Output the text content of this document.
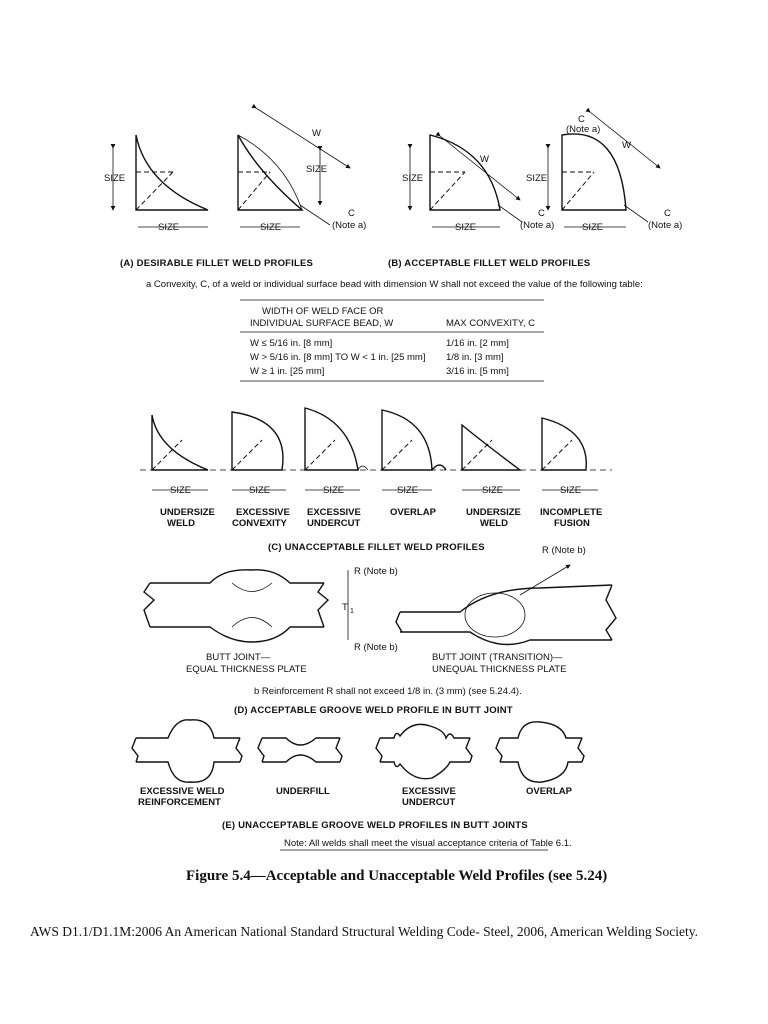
SIZE
SIZE
W
SIZE
SIZE
C
(Note a)
(A) DESIRABLE FILLET WELD PROFILES
SIZE
W
SIZE
C
(Note a)
SIZE
W
C
(Note a)
SIZE
C
(Note a)
(B) ACCEPTABLE FILLET WELD PROFILES
a Convexity, C, of a weld or individual surface bead with dimension W shall not exceed the value of the following table:
WIDTH OF WELD FACE OR
INDIVIDUAL SURFACE BEAD, W	MAX CONVEXITY, C
W ≤ 5/16 in. [8 mm]	1/16 in. [2 mm]
W > 5/16 in. [8 mm] TO W < 1 in. [25 mm] 1/8 in. [3 mm]
W ≥ 1 in. [25 mm]	3/16 in. [5 mm]
SIZE	SIZE	SIZE	SIZE	SIZE	SIZE
UNDERSIZE
WELD
EXCESSIVE
CONVEXITY
EXCESSIVE
UNDERCUT
OVERLAP	UNDERSIZE
WELD
INCOMPLETE
FUSION
(C) UNACCEPTABLE FILLET WELD PROFILES
T 1
R (Note b)
R (Note b)
BUTT JOINT—
EQUAL THICKNESS PLATE
R (Note b)
BUTT JOINT (TRANSITION)—
UNEQUAL THICKNESS PLATE
b Reinforcement R shall not exceed 1/8 in. (3 mm) (see 5.24.4).
(D) ACCEPTABLE GROOVE WELD PROFILE IN BUTT JOINT
EXCESSIVE WELD
REINFORCEMENT
UNDERFILL	EXCESSIVE
UNDERCUT
OVERLAP
(E) UNACCEPTABLE GROOVE WELD PROFILES IN BUTT JOINTS
Note: All welds shall meet the visual acceptance criteria of Table 6.1.
Figure 5.4—Acceptable and Unacceptable Weld Profiles (see 5.24)
AWS D1.1/D1.1M:2006 An American National Standard Structural Welding Code- Steel, 2006, American Welding Society.
